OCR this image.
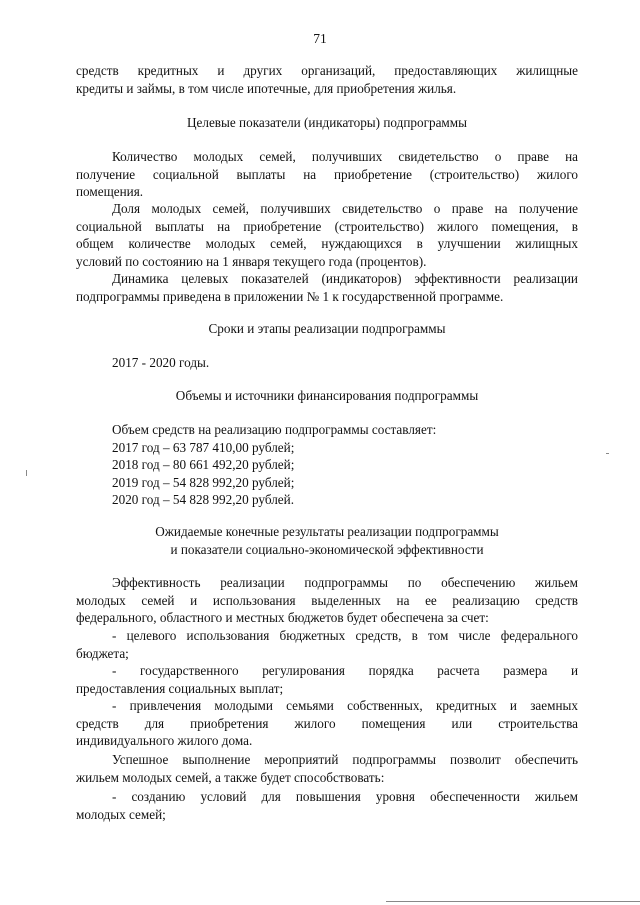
71
средств кредитных и других организаций, предоставляющих жилищные
кредиты и займы, в том числе ипотечные, для приобретения жилья.
Целевые показатели (индикаторы) подпрограммы
Количество молодых семей, получивших свидетельство о праве на
получение социальной выплаты на приобретение (строительство) жилого
помещения.
Доля молодых семей, получивших свидетельство о праве на получение
социальной выплаты на приобретение (строительство) жилого помещения, в
общем количестве молодых семей, нуждающихся в улучшении жилищных
условий по состоянию на 1 января текущего года (процентов).
Динамика целевых показателей (индикаторов) эффективности реализации
подпрограммы приведена в приложении № 1 к государственной программе.
Сроки и этапы реализации подпрограммы
2017 - 2020 годы.
Объемы и источники финансирования подпрограммы
Объем средств на реализацию подпрограммы составляет:
2017 год – 63 787 410,00 рублей;
2018 год – 80 661 492,20 рублей;
2019 год – 54 828 992,20 рублей;
2020 год – 54 828 992,20 рублей.
Ожидаемые конечные результаты реализации подпрограммы
и показатели социально-экономической эффективности
Эффективность реализации подпрограммы по обеспечению жильем
молодых семей и использования выделенных на ее реализацию средств
федерального, областного и местных бюджетов будет обеспечена за счет:
- целевого использования бюджетных средств, в том числе федерального
бюджета;
- государственного регулирования порядка расчета размера и
предоставления социальных выплат;
- привлечения молодыми семьями собственных, кредитных и заемных
средств для приобретения жилого помещения или строительства
индивидуального жилого дома.
Успешное выполнение мероприятий подпрограммы позволит обеспечить
жильем молодых семей, а также будет способствовать:
- созданию условий для повышения уровня обеспеченности жильем
молодых семей;
